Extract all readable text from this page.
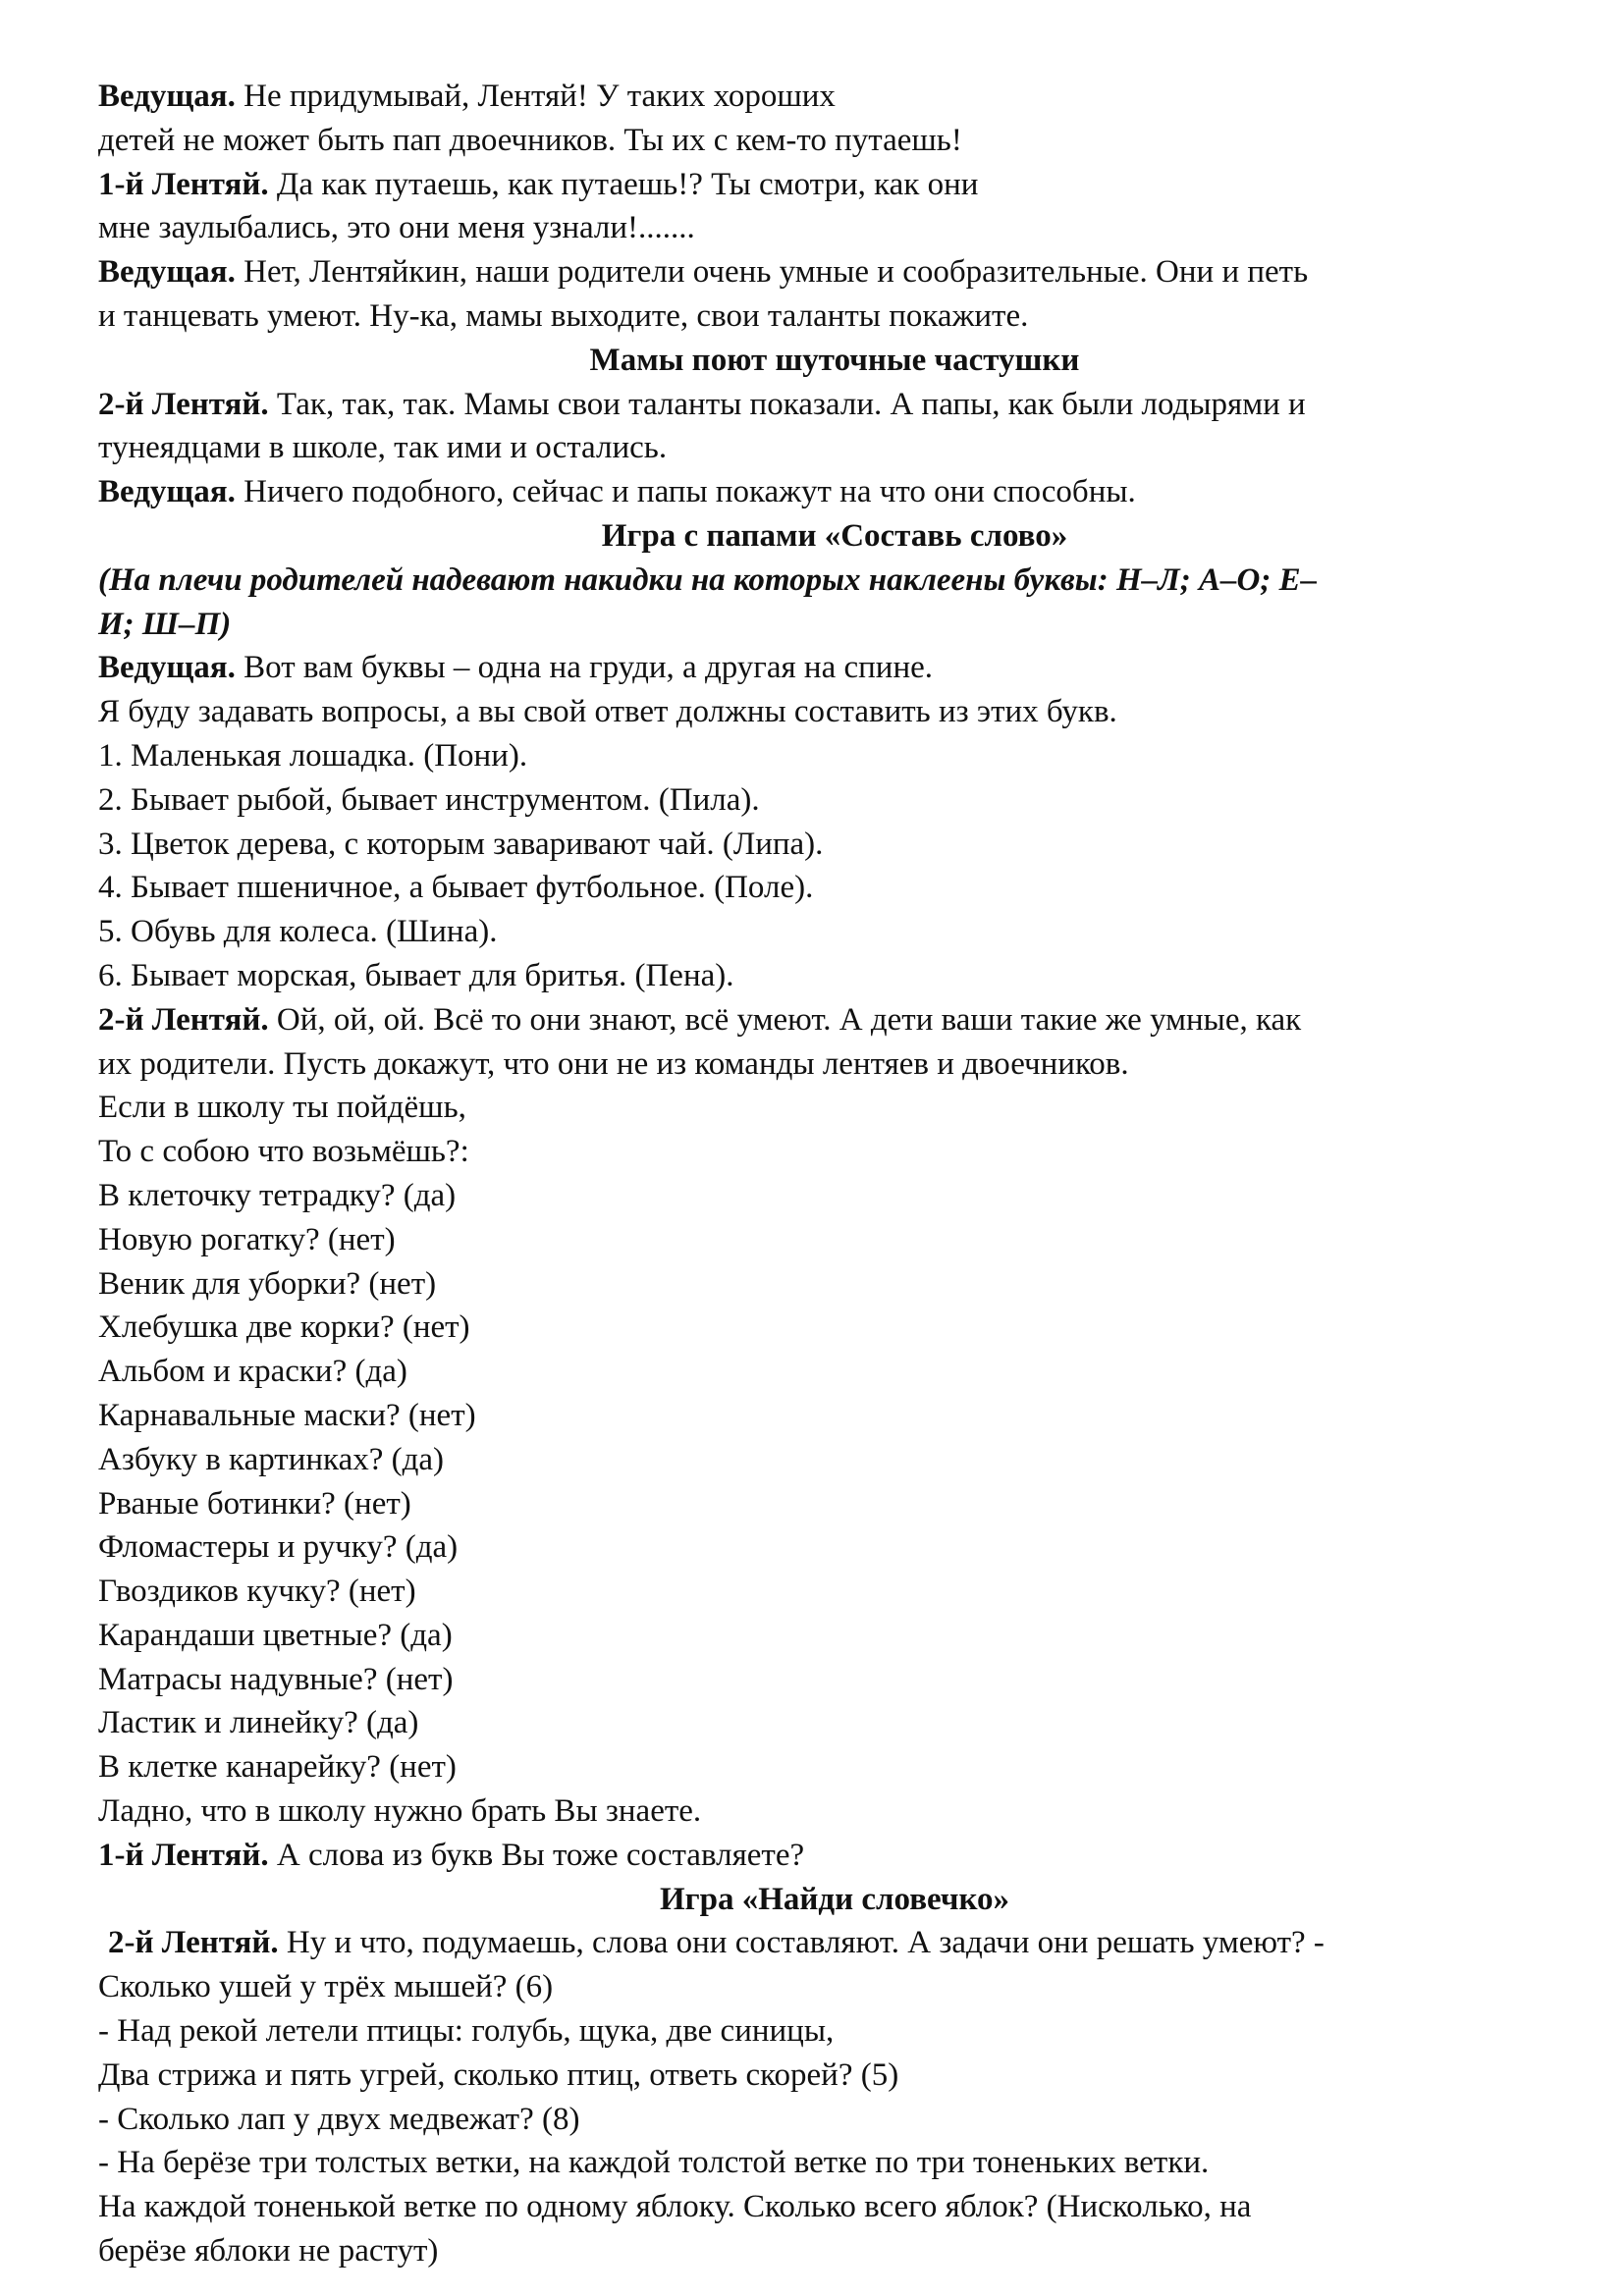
Ведущая. Не придумывай, Лентяй! У таких хороших
детей не может быть пап двоечников. Ты их с кем-то путаешь!
1-й Лентяй. Да как путаешь, как путаешь!? Ты смотри, как они
мне заулыбались, это они меня узнали!.......
Ведущая. Нет, Лентяйкин, наши родители очень умные и сообразительные. Они и петь
и танцевать умеют. Ну-ка, мамы выходите, свои таланты покажите.
Мамы поют шуточные частушки
2-й Лентяй. Так, так, так. Мамы свои таланты показали. А папы, как были лодырями и
тунеядцами в школе, так ими и остались.
Ведущая. Ничего подобного, сейчас и папы покажут на что они способны.
Игра с папами «Составь слово»
(На плечи родителей надевают накидки на которых наклеены буквы: Н–Л; А–О; Е–
И; Ш–П)
Ведущая. Вот вам буквы – одна на груди, а другая на спине.
Я буду задавать вопросы, а вы свой ответ должны составить из этих букв.
1. Маленькая лошадка. (Пони).
2. Бывает рыбой, бывает инструментом. (Пила).
3. Цветок дерева, с которым заваривают чай. (Липа).
4. Бывает пшеничное, а бывает футбольное. (Поле).
5. Обувь для колеса. (Шина).
6. Бывает морская, бывает для бритья. (Пена).
2-й Лентяй. Ой, ой, ой. Всё то они знают, всё умеют. А дети ваши такие же умные, как
их родители. Пусть докажут, что они не из команды лентяев и двоечников.
Если в школу ты пойдёшь,
То с собою что возьмёшь?:
В клеточку тетрадку? (да)
Новую рогатку? (нет)
Веник для уборки? (нет)
Хлебушка две корки? (нет)
Альбом и краски? (да)
Карнавальные маски? (нет)
Азбуку в картинках? (да)
Рваные ботинки? (нет)
Фломастеры и ручку? (да)
Гвоздиков кучку? (нет)
Карандаши цветные? (да)
Матрасы надувные? (нет)
Ластик и линейку? (да)
В клетке канарейку? (нет)
Ладно, что в школу нужно брать Вы знаете.
1-й Лентяй. А слова из букв Вы тоже составляете?
Игра «Найди словечко»
2-й Лентяй. Ну и что, подумаешь, слова они составляют. А задачи они решать умеют? -
Сколько ушей у трёх мышей? (6)
- Над рекой летели птицы: голубь, щука, две синицы,
Два стрижа и пять угрей, сколько птиц, ответь скорей? (5)
- Сколько лап у двух медвежат? (8)
- На берёзе три толстых ветки, на каждой толстой ветке по три тоненьких ветки.
На каждой тоненькой ветке по одному яблоку. Сколько всего яблок? (Нисколько, на
берёзе яблоки не растут)
